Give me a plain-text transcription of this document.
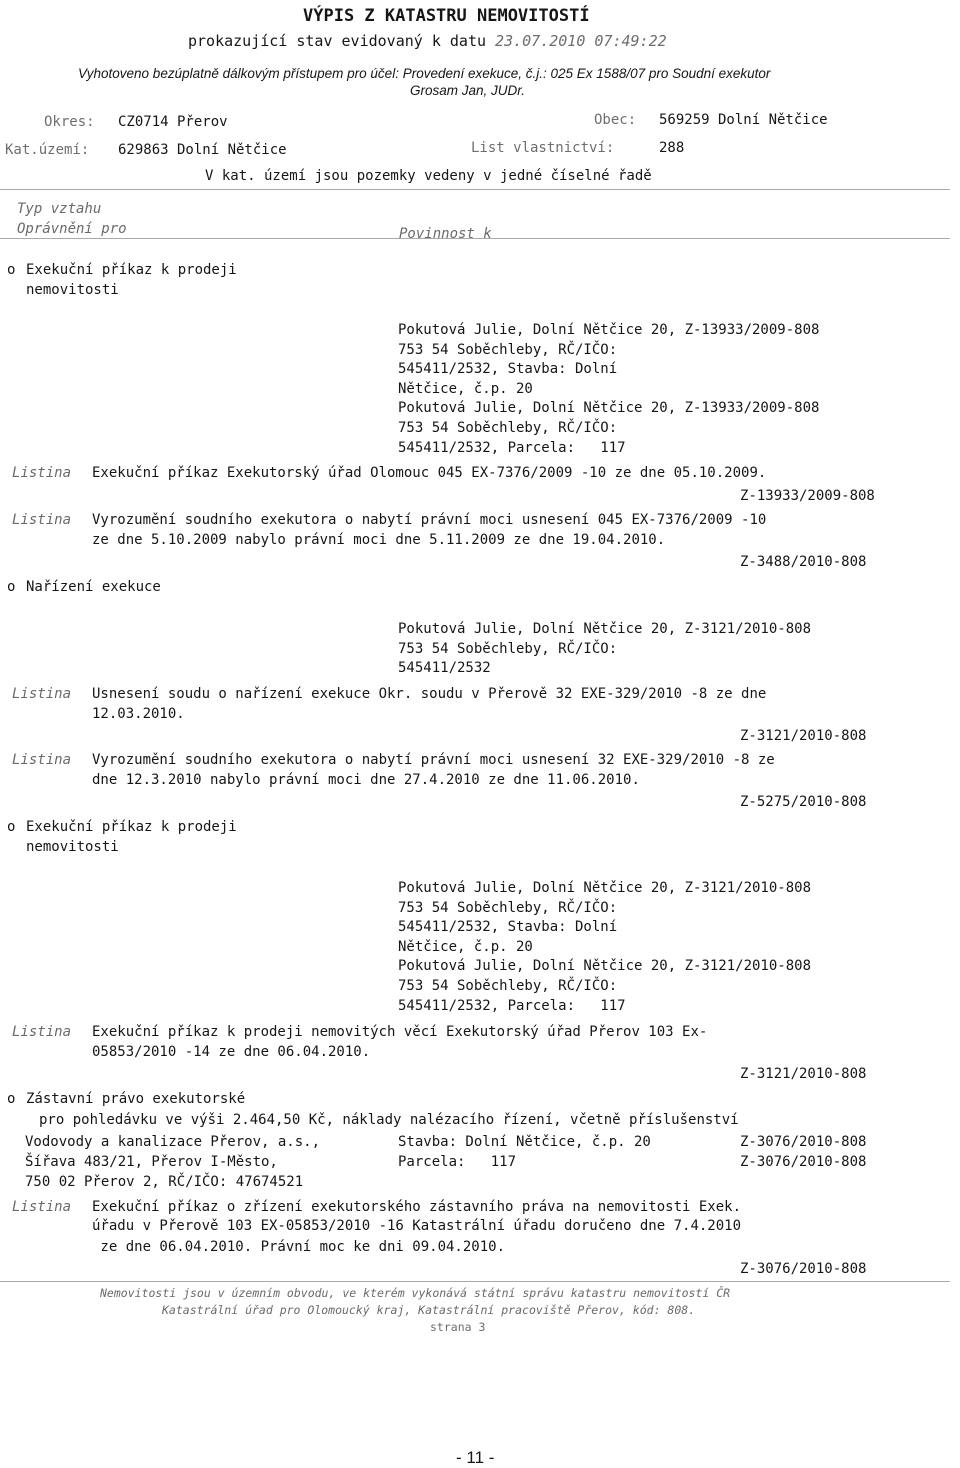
VÝPIS Z KATASTRU NEMOVITOSTÍ
prokazující stav evidovaný k datu 23.07.2010 07:49:22
Vyhotoveno bezúplatně dálkovým přístupem pro účel: Provedení exekuce, č.j.: 025 Ex 1588/07 pro Soudní exekutor
Grosam Jan, JUDr.
Okres: CZ0714 Přerov	Obec: 569259 Dolní Nětčice
Kat.území: 629863 Dolní Nětčice	List vlastnictví:	288
V kat. území jsou pozemky vedeny v jedné číselné řadě
Typ vztahu
Oprávnění pro	Povinnost k
o Exekuční příkaz k prodeji
nemovitosti
Pokutová Julie, Dolní Nětčice 20, Z-13933/2009-808
753 54 Soběchleby, RČ/IČO:
545411/2532, Stavba: Dolní
Nětčice, č.p. 20
Pokutová Julie, Dolní Nětčice 20, Z-13933/2009-808
753 54 Soběchleby, RČ/IČO:
545411/2532, Parcela:   117
Listina Exekuční příkaz Exekutorský úřad Olomouc 045 EX-7376/2009 -10 ze dne 05.10.2009.
Z-13933/2009-808
Listina Vyrozumění soudního exekutora o nabytí právní moci usnesení 045 EX-7376/2009 -10
ze dne 5.10.2009 nabylo právní moci dne 5.11.2009 ze dne 19.04.2010.
Z-3488/2010-808
o Nařízení exekuce
Pokutová Julie, Dolní Nětčice 20, Z-3121/2010-808
753 54 Soběchleby, RČ/IČO:
545411/2532
Listina Usnesení soudu o nařízení exekuce Okr. soudu v Přerově 32 EXE-329/2010 -8 ze dne
12.03.2010.
Z-3121/2010-808
Listina Vyrozumění soudního exekutora o nabytí právní moci usnesení 32 EXE-329/2010 -8 ze
dne 12.3.2010 nabylo právní moci dne 27.4.2010 ze dne 11.06.2010.
Z-5275/2010-808
o Exekuční příkaz k prodeji
nemovitosti
Pokutová Julie, Dolní Nětčice 20, Z-3121/2010-808
753 54 Soběchleby, RČ/IČO:
545411/2532, Stavba: Dolní
Nětčice, č.p. 20
Pokutová Julie, Dolní Nětčice 20, Z-3121/2010-808
753 54 Soběchleby, RČ/IČO:
545411/2532, Parcela:   117
Listina Exekuční příkaz k prodeji nemovitých věcí Exekutorský úřad Přerov 103 Ex-
05853/2010 -14 ze dne 06.04.2010.
Z-3121/2010-808
o Zástavní právo exekutorské
pro pohledávku ve výši 2.464,50 Kč, náklady nalézacího řízení, včetně příslušenství
Vodovody a kanalizace Přerov, a.s.,
Šířava 483/21, Přerov I-Město,
750 02 Přerov 2, RČ/IČO: 47674521
Stavba: Dolní Nětčice, č.p. 20	Z-3076/2010-808
Parcela:   117	Z-3076/2010-808
Listina Exekuční příkaz o zřízení exekutorského zástavního práva na nemovitosti Exek.
úřadu v Přerově 103 EX-05853/2010 -16 Katastrální úřadu doručeno dne 7.4.2010
ze dne 06.04.2010. Právní moc ke dni 09.04.2010.
Z-3076/2010-808
Nemovitosti jsou v územním obvodu, ve kterém vykonává státní správu katastru nemovitostí ČR
Katastrální úřad pro Olomoucký kraj, Katastrální pracoviště Přerov, kód: 808.
strana 3
- 11 -
